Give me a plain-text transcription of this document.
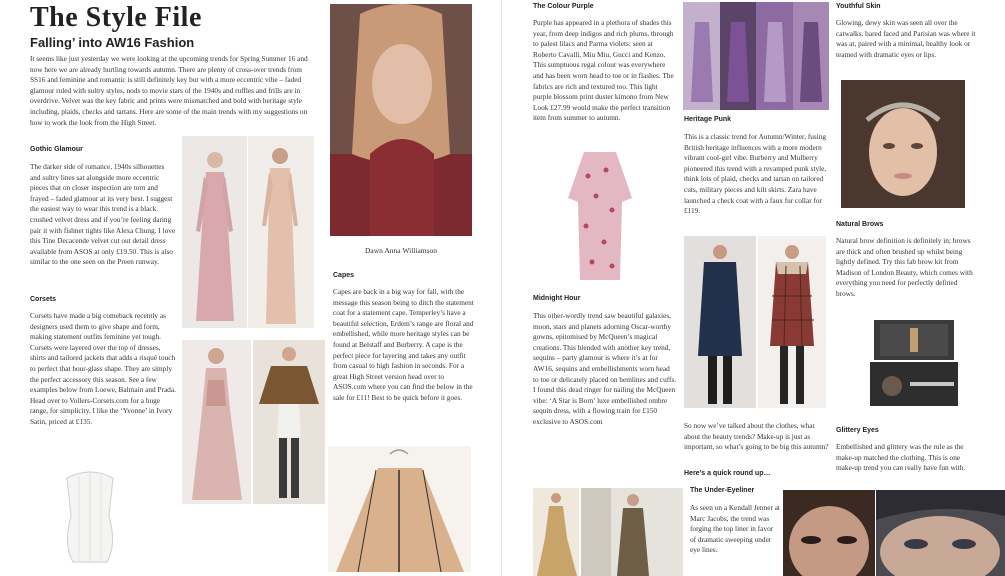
The Style File
Falling’ into AW16 Fashion

It seems like just yesterday we were looking at the upcoming trends for Spring Summer 16 and now here we are already hurtling towards autumn. There are plenty of cross-over trends from SS16 and feminine and romantic is still definitely key but with a more eccentric vibe – faded glamour ruled with sultry styles, nods to movie stars of the 1940s and ruffles and frills are in overdrive. Velvet was the key fabric and prints were mismatched and bold with heritage style including, plaids, checks and tartans. Here are some of the main trends with my suggestions on how to work the look from the High Street.

Gothic Glamour

The darker side of romance, 1940s silhouettes and sultry lines sat alongside more eccentric pieces that on closer inspection are torn and frayed – faded glamour at its very best. I suggest the easiest way to wear this trend is a black crushed velvet dress and if you’re feeling daring pair it with fishnet tights like Alexa Chung. I love this Tine Decacende velvet cut out detail dress available from ASOS at only £19.50. This is also similar to the one seen on the Preen runway.

Corsets

Corsets have made a big comeback recently as designers used them to give shape and form, making statement outfits feminine yet tough. Corsets were layered over the top of dresses, shirts and tailored jackets that adds a risqué touch to perfect that hour-glass shape. They are simply the perfect accessory this season. See a few examples below from Loewe, Balmain and Prada. Head over to Vollers-Corsets.com for a huge range, for simplicity. I like the ‘Yvonne’ in Ivory Satin, priced at £135.

Dawn Anna Williamson

Capes

Capes are back in a big way for fall, with the message this season being to ditch the statement coat for a statement cape. Temperley’s have a beautiful selection, Erdem’s range are floral and embellished, while more heritage styles can be found at Belstaff and Burberry. A cape is the perfect piece for layering and takes any outfit from casual to high fashion in seconds. For a great High Street version head over to ASOS.com where you can find the below in the sale for £11! Best to be quick before it goes.

The Colour Purple

Purple has appeared in a plethora of shades this year, from deep indigos and rich plums, through to palest lilacs and Parma violets: seen at Roberto Cavalli, Miu Miu, Gucci and Kenzo. This sumptuous regal colour was everywhere and has been worn head to toe or in flashes. The fabrics are rich and textured too. This light purple blossom print duster kimono from New Look £27.99 would make the perfect transition item from summer to autumn.

Midnight Hour

This other-wordly trend saw beautiful galaxies, moon, stars and planets adorning Oscar-worthy gowns, epitomised by McQueen’s magical creations. This blended with another key trend, sequins – party glamour is where it’s at for AW16, sequins and embellishments worn head to toe or delicately placed on hemlines and cuffs. I found this dead ringer for nailing the McQueen vibe: ‘A Star is Born’ luxe embellished ombre sequin dress, with a flowing train for £150 exclusive to ASOS.com

Heritage Punk

This is a classic trend for Autumn/Winter, fusing British heritage influences with a more modern vibrant cool-girl vibe. Burberry and Mulberry pioneered this trend with a revamped punk style, think lots of plaid, checks and tartan on tailored cuts, military pieces and kilt skirts. Zara have launched a check coat with a faux fur collar for £119.

So now we’ve talked about the clothes, what about the beauty trends? Make-up is just as important, so what’s going to be big this autumn?

Here’s a quick round up…

The Under-Eyeliner

As seen on a Kendall Jenner at Marc Jacobs, the trend was forging the top liner in favor of dramatic sweeping under eye lines.

Youthful Skin

Glowing, dewy skin was seen all over the catwalks, bared faced and Parisian was where it was at, paired with a minimal, healthy look or teamed with dramatic eyes or lips.

Natural Brows

Natural brow definition is definitely in; brows are thick and often brushed up whilst being lightly defined. Try this fab brow kit from Madison of London Beauty, which comes with everything you need for perfectly defined brows.

Glittery Eyes

Embellished and glittery was the rule as the make-up matched the clothing. This is one make-up trend you can really have fun with.
